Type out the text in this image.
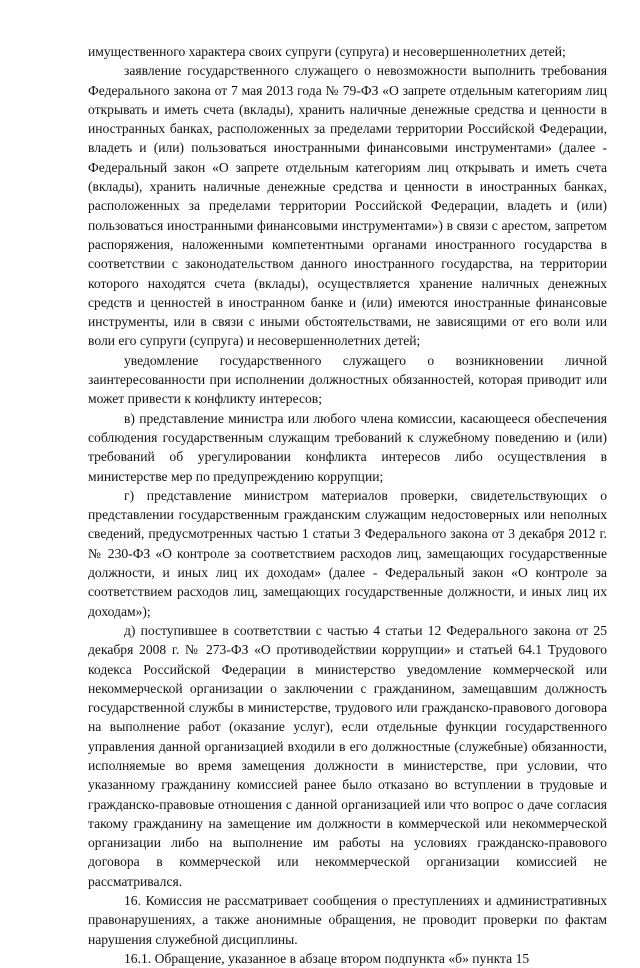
имущественного характера своих супруги (супруга) и несовершеннолетних детей;

заявление государственного служащего о невозможности выполнить требования Федерального закона от 7 мая 2013 года № 79-ФЗ «О запрете отдельным категориям лиц открывать и иметь счета (вклады), хранить наличные денежные средства и ценности в иностранных банках, расположенных за пределами территории Российской Федерации, владеть и (или) пользоваться иностранными финансовыми инструментами» (далее - Федеральный закон «О запрете отдельным категориям лиц открывать и иметь счета (вклады), хранить наличные денежные средства и ценности в иностранных банках, расположенных за пределами территории Российской Федерации, владеть и (или) пользоваться иностранными финансовыми инструментами») в связи с арестом, запретом распоряжения, наложенными компетентными органами иностранного государства в соответствии с законодательством данного иностранного государства, на территории которого находятся счета (вклады), осуществляется хранение наличных денежных средств и ценностей в иностранном банке и (или) имеются иностранные финансовые инструменты, или в связи с иными обстоятельствами, не зависящими от его воли или воли его супруги (супруга) и несовершеннолетних детей;

уведомление государственного служащего о возникновении личной заинтересованности при исполнении должностных обязанностей, которая приводит или может привести к конфликту интересов;

в) представление министра или любого члена комиссии, касающееся обеспечения соблюдения государственным служащим требований к служебному поведению и (или) требований об урегулировании конфликта интересов либо осуществления в министерстве мер по предупреждению коррупции;

г) представление министром материалов проверки, свидетельствующих о представлении государственным гражданским служащим недостоверных или неполных сведений, предусмотренных частью 1 статьи 3 Федерального закона от 3 декабря 2012 г. № 230-ФЗ «О контроле за соответствием расходов лиц, замещающих государственные должности, и иных лиц их доходам» (далее - Федеральный закон «О контроле за соответствием расходов лиц, замещающих государственные должности, и иных лиц их доходам»);

д) поступившее в соответствии с частью 4 статьи 12 Федерального закона от 25 декабря 2008 г. № 273-ФЗ «О противодействии коррупции» и статьей 64.1 Трудового кодекса Российской Федерации в министерство уведомление коммерческой или некоммерческой организации о заключении с гражданином, замещавшим должность государственной службы в министерстве, трудового или гражданско-правового договора на выполнение работ (оказание услуг), если отдельные функции государственного управления данной организацией входили в его должностные (служебные) обязанности, исполняемые во время замещения должности в министерстве, при условии, что указанному гражданину комиссией ранее было отказано во вступлении в трудовые и гражданско-правовые отношения с данной организацией или что вопрос о даче согласия такому гражданину на замещение им должности в коммерческой или некоммерческой организации либо на выполнение им работы на условиях гражданско-правового договора в коммерческой или некоммерческой организации комиссией не рассматривался.

16. Комиссия не рассматривает сообщения о преступлениях и административных правонарушениях, а также анонимные обращения, не проводит проверки по фактам нарушения служебной дисциплины.

16.1. Обращение, указанное в абзаце втором подпункта «б» пункта 15
